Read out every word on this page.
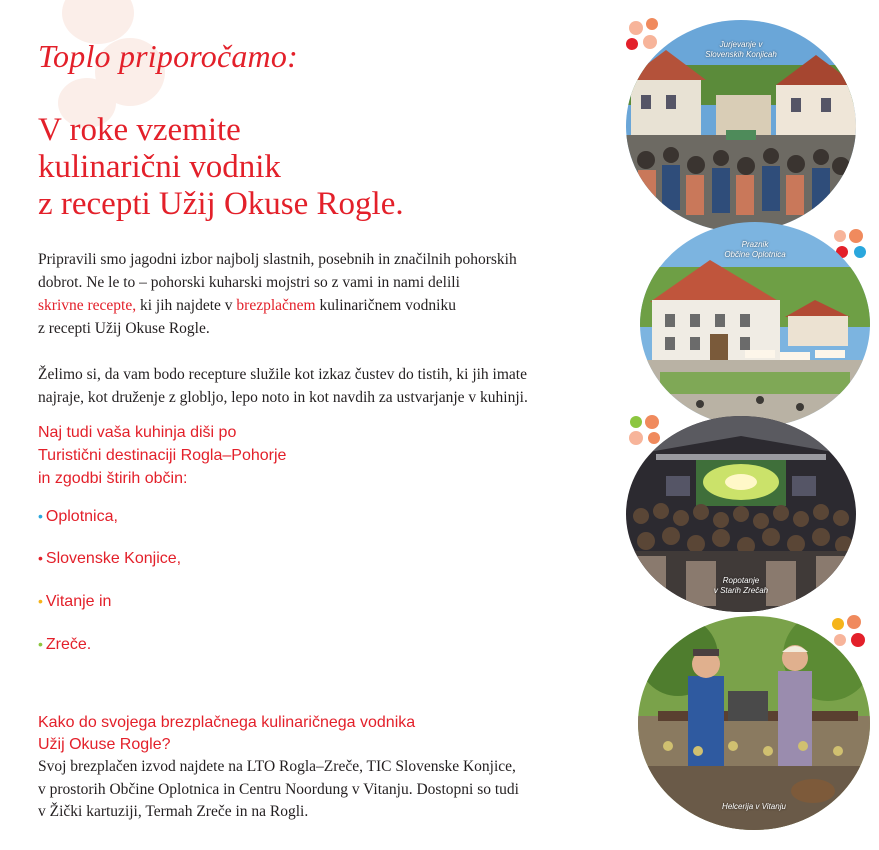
Toplo priporočamo:
V roke vzemite
kulinarični vodnik
z recepti Užij Okuse Rogle.

Pripravili smo jagodni izbor najbolj slastnih, posebnih in značilnih pohorskih
dobrot. Ne le to – pohorski kuharski mojstri so z vami in nami delili
skrivne recepte, ki jih najdete v brezplačnem kulinaričnem vodniku
z recepti Užij Okuse Rogle.

Želimo si, da vam bodo recepture služile kot izkaz čustev do tistih, ki jih imate
najraje, kot druženje z globljo, lepo noto in kot navdih za ustvarjanje v kuhinji.

Naj tudi vaša kuhinja diši po
Turistični destinaciji Rogla–Pohorje
in zgodbi štirih občin:
• Oplotnica,
• Slovenske Konjice,
• Vitanje in
• Zreče.
Kako do svojega brezplačnega kulinaričnega vodnika
Užij Okuse Rogle?
Svoj brezplačen izvod najdete na LTO Rogla–Zreče, TIC Slovenske Konjice,
v prostorih Občine Oplotnica in Centru Noordung v Vitanju. Dostopni so tudi
v Žički kartuziji, Termah Zreče in na Rogli.
Jurjevanje v
Slovenskih Konjicah
Praznik
Občine Oplotnica
Ropotanje
v Starih Zrečah
Helcerija v Vitanju
